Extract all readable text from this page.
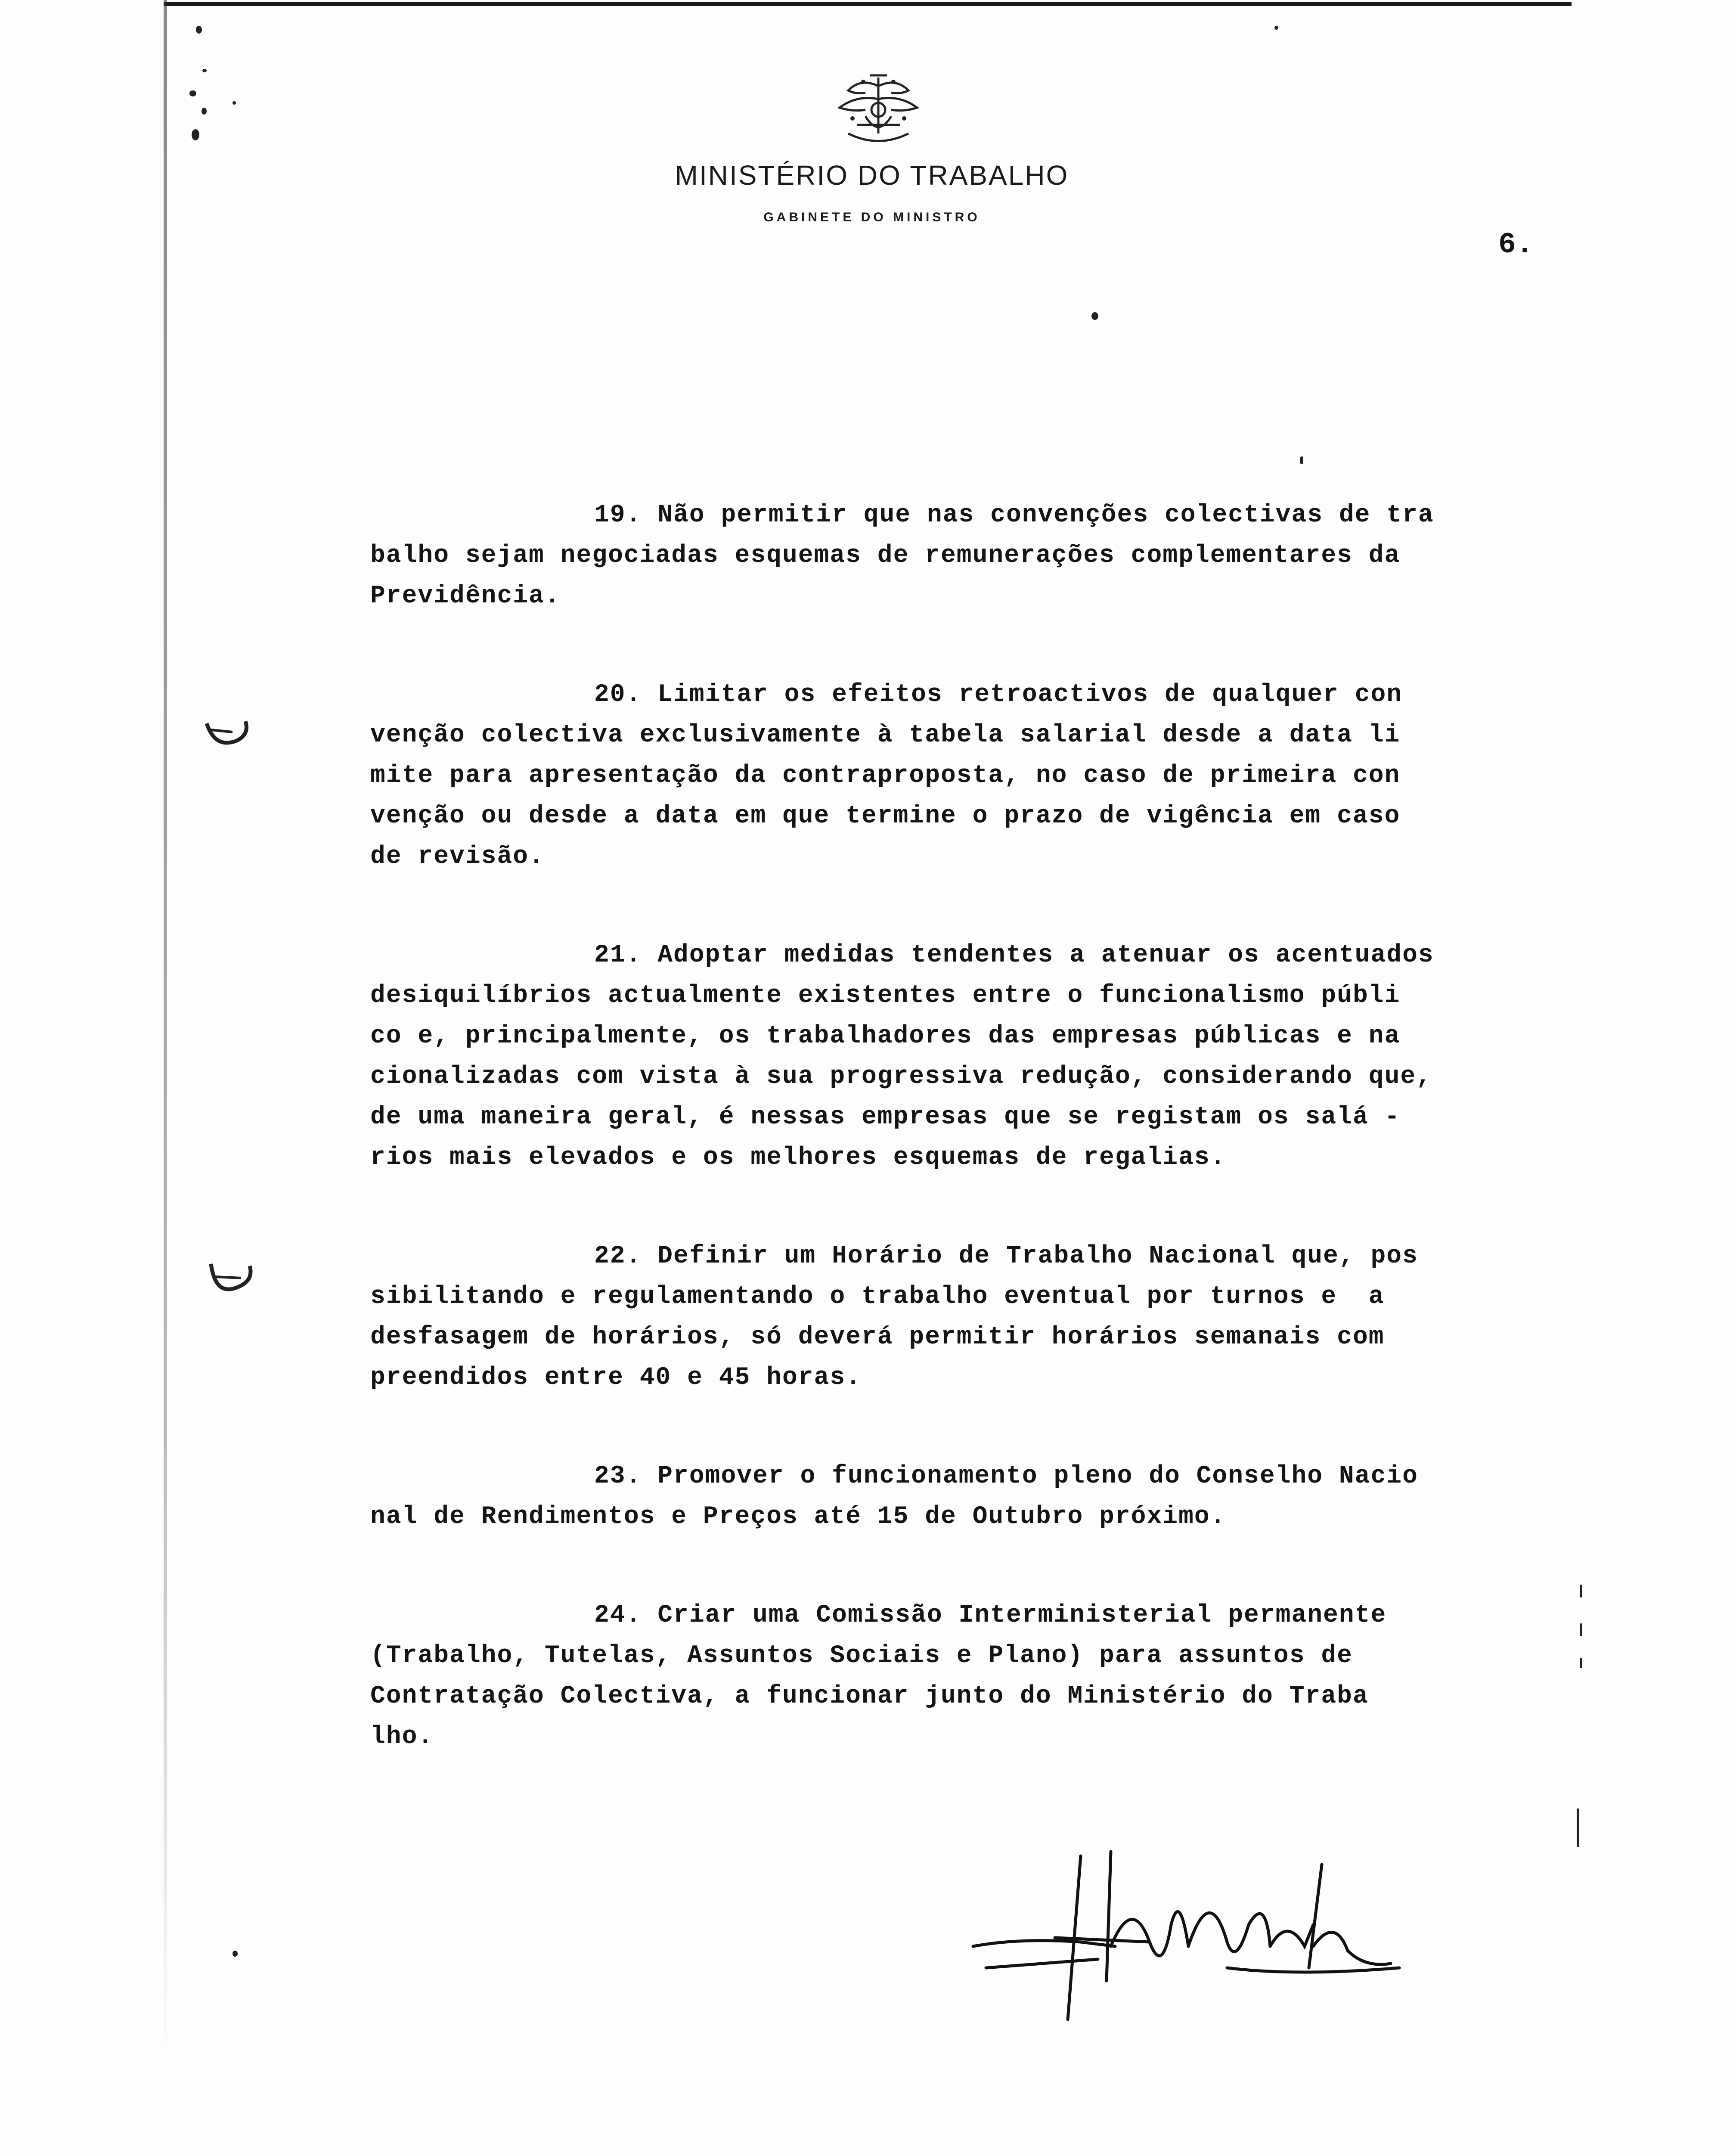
MINISTÉRIO DO TRABALHO
GABINETE DO MINISTRO
6.
19. Não permitir que nas convenções colectivas de tra
balho sejam negociadas esquemas de remunerações complementares da
Previdência.
20. Limitar os efeitos retroactivos de qualquer con
venção colectiva exclusivamente à tabela salarial desde a data li
mite para apresentação da contraproposta, no caso de primeira con
venção ou desde a data em que termine o prazo de vigência em caso
de revisão.
21. Adoptar medidas tendentes a atenuar os acentuados
desiquilíbrios actualmente existentes entre o funcionalismo públi
co e, principalmente, os trabalhadores das empresas públicas e na
cionalizadas com vista à sua progressiva redução, considerando que,
de uma maneira geral, é nessas empresas que se registam os salá -
rios mais elevados e os melhores esquemas de regalias.
22. Definir um Horário de Trabalho Nacional que, pos
sibilitando e regulamentando o trabalho eventual por turnos e  a
desfasagem de horários, só deverá permitir horários semanais com
preendidos entre 40 e 45 horas.
23. Promover o funcionamento pleno do Conselho Nacio
nal de Rendimentos e Preços até 15 de Outubro próximo.
24. Criar uma Comissão Interministerial permanente
(Trabalho, Tutelas, Assuntos Sociais e Plano) para assuntos de
Contratação Colectiva, a funcionar junto do Ministério do Traba
lho.
